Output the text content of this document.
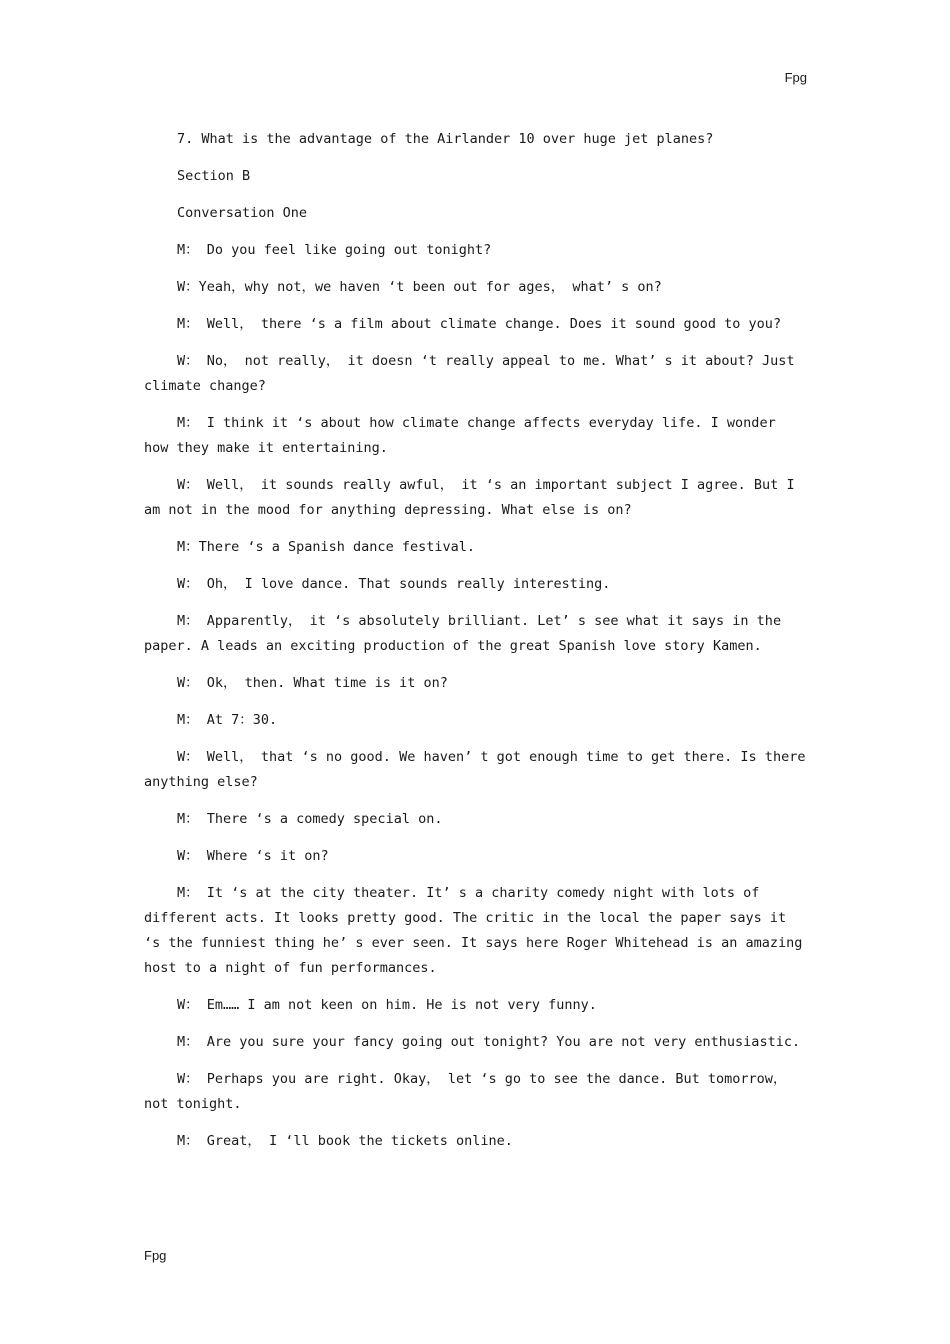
Fpg

7. What is the advantage of the Airlander 10 over huge jet planes?

Section B

Conversation One

M： Do you feel like going out tonight?

W：Yeah，why not，we haven ‘t been out for ages， what’ s on?

M： Well， there ‘s a film about climate change. Does it sound good to you?

W： No， not really， it doesn ‘t really appeal to me. What’ s it about? Just climate change?

M： I think it ‘s about how climate change affects everyday life. I wonder how they make it entertaining.

W： Well， it sounds really awful， it ‘s an important subject I agree. But I am not in the mood for anything depressing. What else is on?

M：There ‘s a Spanish dance festival.

W： Oh， I love dance. That sounds really interesting.

M： Apparently， it ‘s absolutely brilliant. Let’ s see what it says in the paper. A leads an exciting production of the great Spanish love story Kamen.

W： Ok， then. What time is it on?

M： At 7：30.

W： Well， that ‘s no good. We haven’ t got enough time to get there. Is there anything else?

M： There ‘s a comedy special on.

W： Where ‘s it on?

M： It ‘s at the city theater. It’ s a charity comedy night with lots of different acts. It looks pretty good. The critic in the local the paper says it ‘s the funniest thing he’ s ever seen. It says here Roger Whitehead is an amazing host to a night of fun performances.

W： Em…… I am not keen on him. He is not very funny.

M： Are you sure your fancy going out tonight? You are not very enthusiastic.

W： Perhaps you are right. Okay， let ‘s go to see the dance. But tomorrow， not tonight.

M： Great， I ‘ll book the tickets online.

Fpg
